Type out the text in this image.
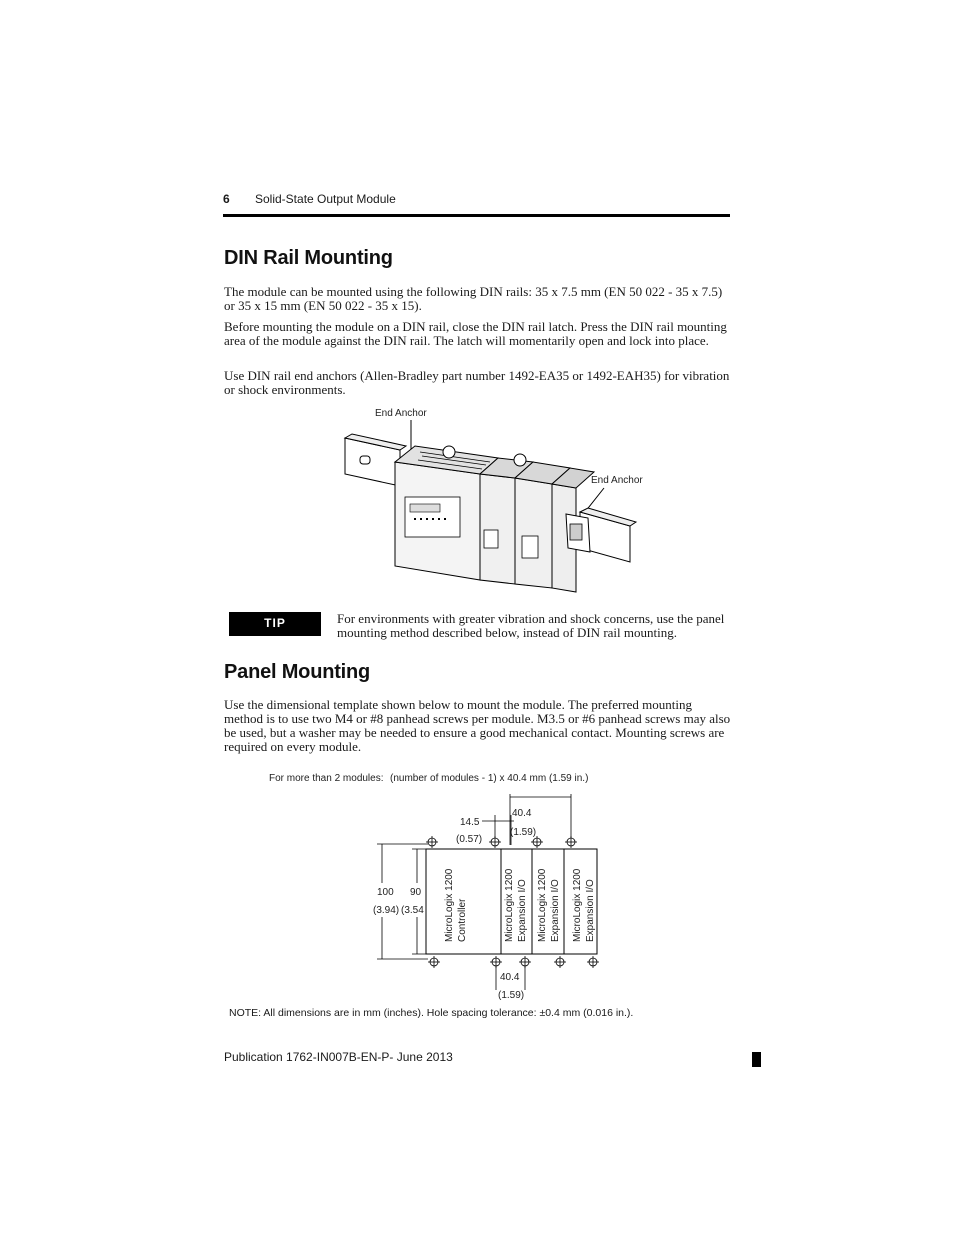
6 Solid-State Output Module
DIN Rail Mounting
The module can be mounted using the following DIN rails: 35 x 7.5 mm (EN 50 022 - 35 x 7.5) or 35 x 15 mm (EN 50 022 - 35 x 15).
Before mounting the module on a DIN rail, close the DIN rail latch. Press the DIN rail mounting area of the module against the DIN rail. The latch will momentarily open and lock into place.
Use DIN rail end anchors (Allen-Bradley part number 1492-EA35 or 1492-EAH35) for vibration or shock environments.
End Anchor
End Anchor
TIP	For environments with greater vibration and shock concerns, use the panel mounting method described below, instead of DIN rail mounting.
Panel Mounting
Use the dimensional template shown below to mount the module. The preferred mounting method is to use two M4 or #8 panhead screws per module. M3.5 or #6 panhead screws may also be used, but a washer may be needed to ensure a good mechanical contact. Mounting screws are required on every module.
For more than 2 modules: (number of modules - 1) x 40.4 mm (1.59 in.)
40.4
(1.59)
14.5
(0.57)
100
(3.94)
90
(3.54
40.4
(1.59)
MicroLogix 1200 Controller	MicroLogix 1200 Expansion I/O MicroLogix 1200 Expansion I/O MicroLogix 1200 Expansion I/O
NOTE: All dimensions are in mm (inches). Hole spacing tolerance: ±0.4 mm (0.016 in.).
Publication 1762-IN007B-EN-P- June 2013
